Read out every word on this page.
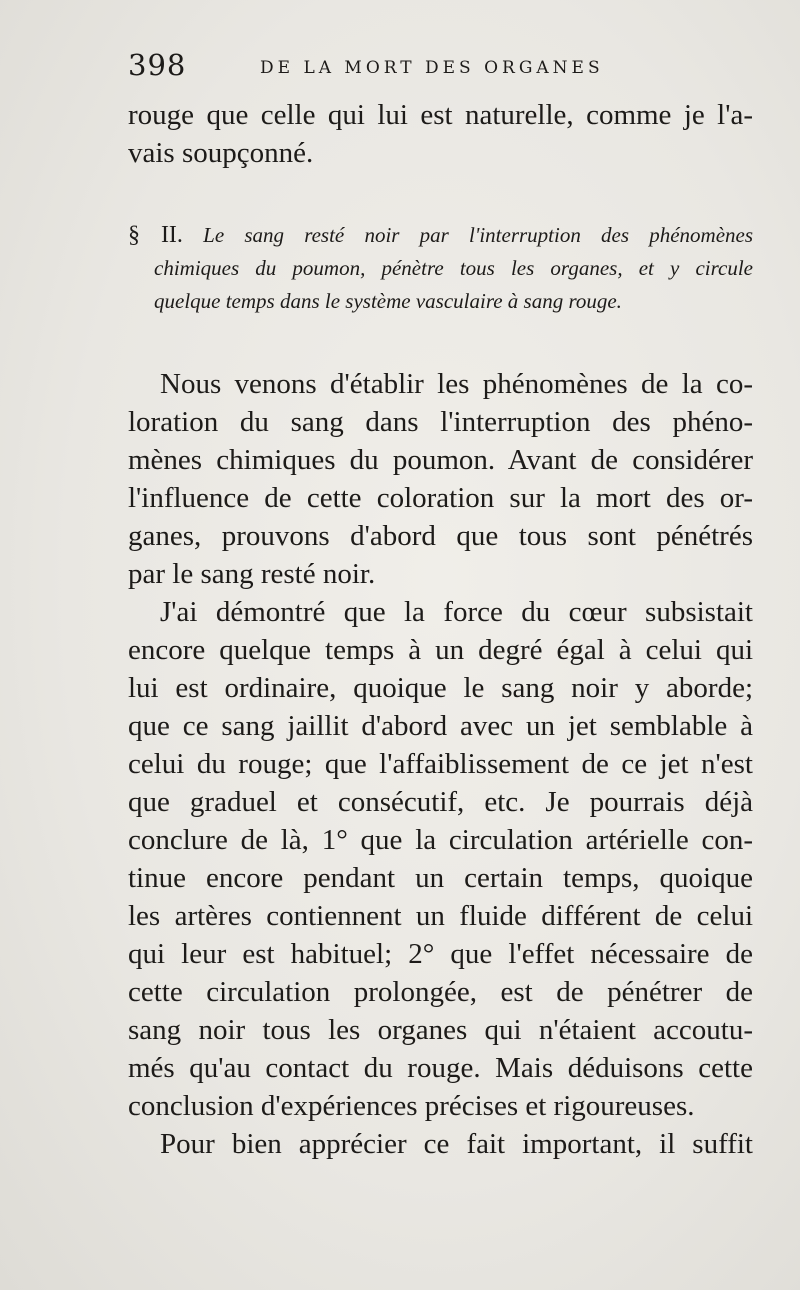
398	DE LA MORT DES ORGANES
rouge que celle qui lui est naturelle, comme je l'a-
vais soupçonné.
§ II. Le sang resté noir par l'interruption des phénomènes
chimiques du poumon, pénètre tous les organes, et y circule
quelque temps dans le système vasculaire à sang rouge.
Nous venons d'établir les phénomènes de la co-
loration du sang dans l'interruption des phéno-
mènes chimiques du poumon. Avant de considérer
l'influence de cette coloration sur la mort des or-
ganes, prouvons d'abord que tous sont pénétrés
par le sang resté noir.
J'ai démontré que la force du cœur subsistait
encore quelque temps à un degré égal à celui qui
lui est ordinaire, quoique le sang noir y aborde;
que ce sang jaillit d'abord avec un jet semblable à
celui du rouge; que l'affaiblissement de ce jet n'est
que graduel et consécutif, etc. Je pourrais déjà
conclure de là, 1° que la circulation artérielle con-
tinue encore pendant un certain temps, quoique
les artères contiennent un fluide différent de celui
qui leur est habituel; 2° que l'effet nécessaire de
cette circulation prolongée, est de pénétrer de
sang noir tous les organes qui n'étaient accoutu-
més qu'au contact du rouge. Mais déduisons cette
conclusion d'expériences précises et rigoureuses.
Pour bien apprécier ce fait important, il suffit
